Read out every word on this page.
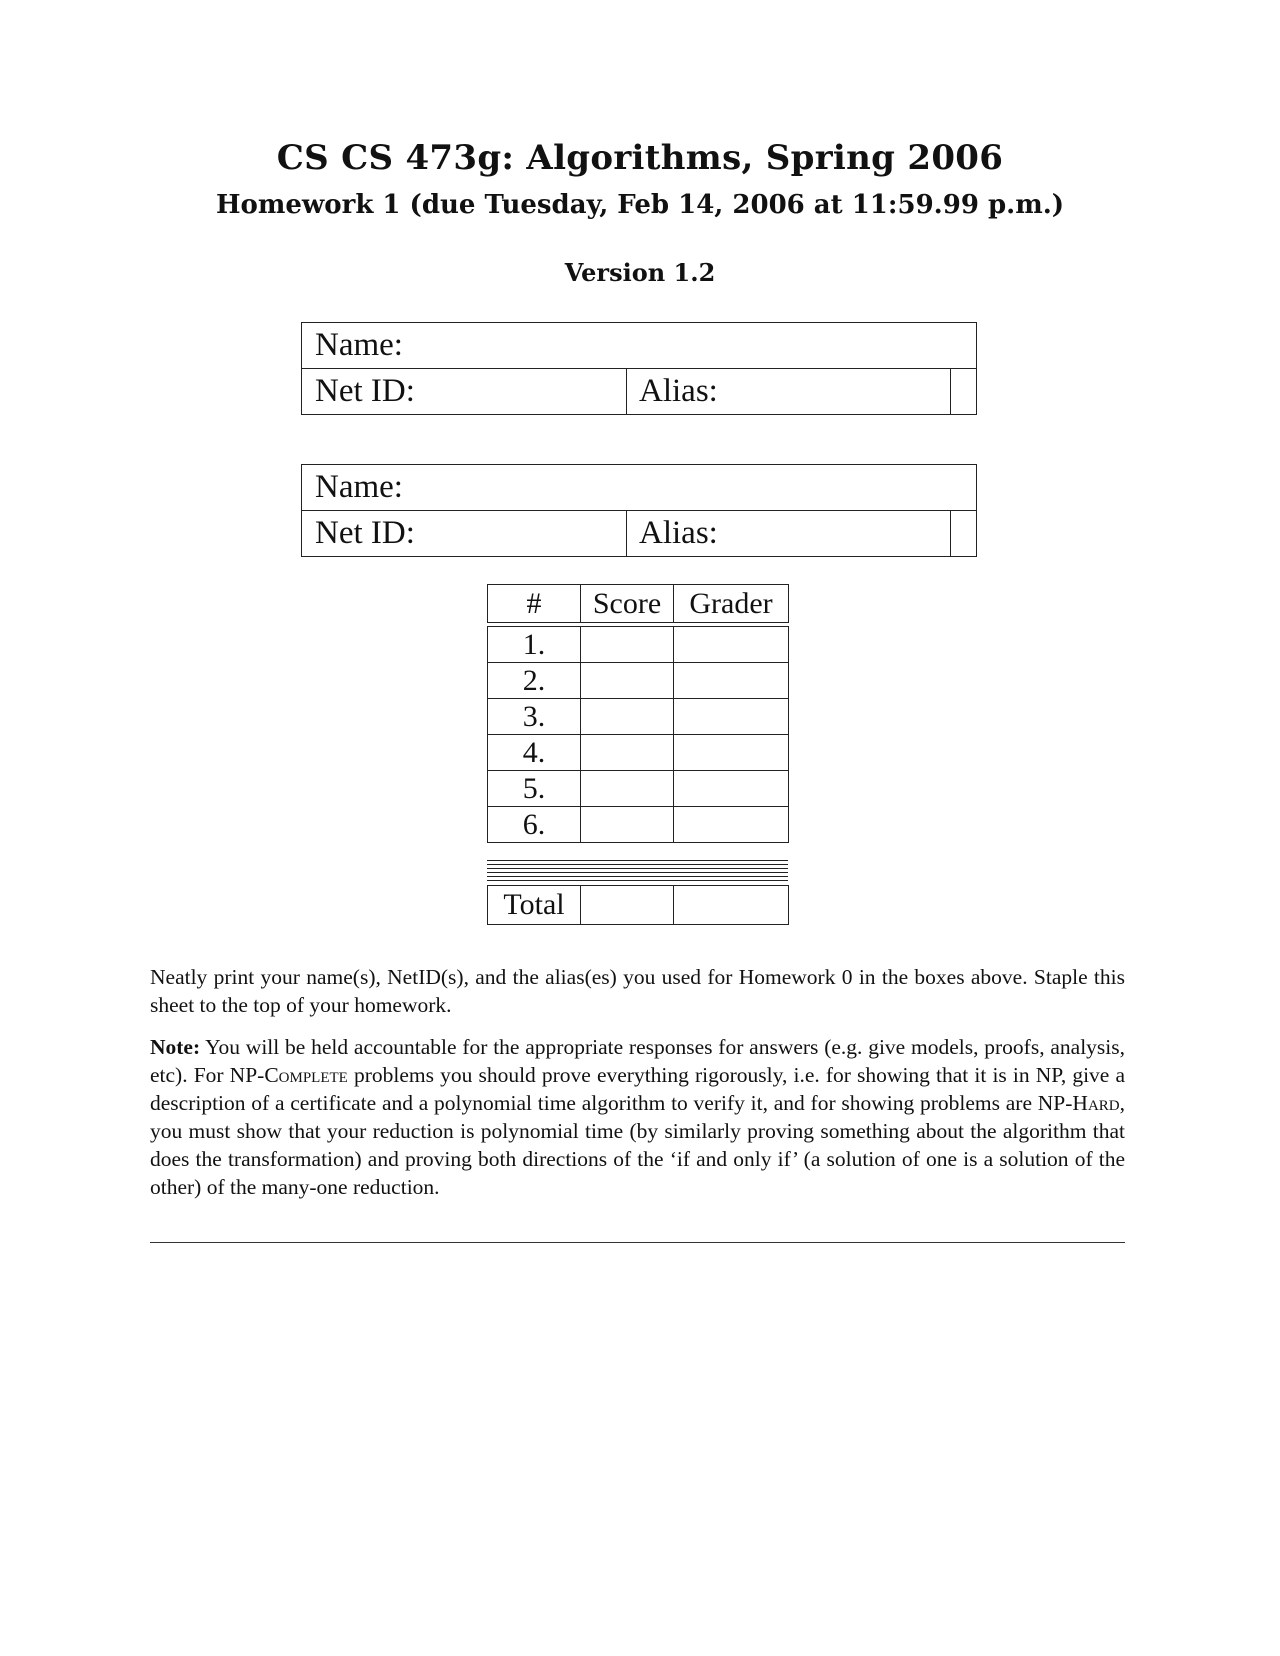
CS CS 473g: Algorithms, Spring 2006
Homework 1 (due Tuesday, Feb 14, 2006 at 11:59.99 p.m.)
Version 1.2
Name:
Net ID:	Alias:
Name:
Net ID:	Alias:
#	Score	Grader

1.		
2.		
3.		
4.		
5.		
6.		
Total		
Neatly print your name(s), NetID(s), and the alias(es) you used for Homework 0 in the boxes above. Staple this sheet to the top of your homework.
Note: You will be held accountable for the appropriate responses for answers (e.g. give models, proofs, analysis, etc). For NP-Complete problems you should prove everything rigorously, i.e. for showing that it is in NP, give a description of a certificate and a polynomial time algorithm to verify it, and for showing problems are NP-Hard, you must show that your reduction is polynomial time (by similarly proving something about the algorithm that does the transformation) and proving both directions of the ‘if and only if’ (a solution of one is a solution of the other) of the many-one reduction.
